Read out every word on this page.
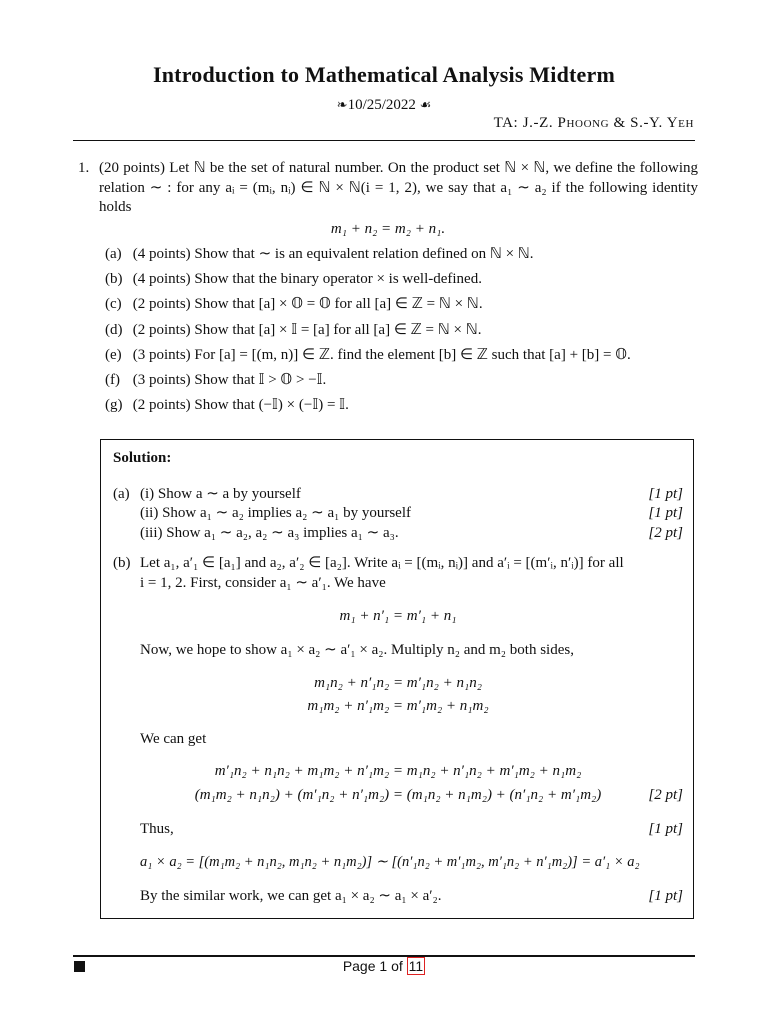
Introduction to Mathematical Analysis Midterm
❧10/25/2022 ☙
TA: J.-Z. Phoong & S.-Y. Yeh
1. (20 points) Let ℕ be the set of natural number. On the product set ℕ × ℕ, we define the following relation ∼ : for any aᵢ = (mᵢ, nᵢ) ∈ ℕ × ℕ(i = 1, 2), we say that a₁ ∼ a₂ if the following identity holds
m₁ + n₂ = m₂ + n₁.
(a) (4 points) Show that ∼ is an equivalent relation defined on ℕ × ℕ.
(b) (4 points) Show that the binary operator × is well-defined.
(c) (2 points) Show that [a] × 𝕆 = 𝕆 for all [a] ∈ ℤ = ℕ × ℕ.
(d) (2 points) Show that [a] × 𝕀 = [a] for all [a] ∈ ℤ = ℕ × ℕ.
(e) (3 points) For [a] = [(m, n)] ∈ ℤ. find the element [b] ∈ ℤ such that [a] + [b] = 𝕆.
(f) (3 points) Show that 𝕀 > 𝕆 > −𝕀.
(g) (2 points) Show that (−𝕀) × (−𝕀) = 𝕀.
Solution:
(a) (i) Show a ∼ a by yourself	[1 pt]
(ii) Show a₁ ∼ a₂ implies a₂ ∼ a₁ by yourself	[1 pt]
(iii) Show a₁ ∼ a₂, a₂ ∼ a₃ implies a₁ ∼ a₃.	[2 pt]
(b) Let a₁, a′₁ ∈ [a₁] and a₂, a′₂ ∈ [a₂]. Write aᵢ = [(mᵢ, nᵢ)] and a′ᵢ = [(m′ᵢ, n′ᵢ)] for all
i = 1, 2. First, consider a₁ ∼ a′₁. We have
m₁ + n′₁ = m′₁ + n₁
Now, we hope to show a₁ × a₂ ∼ a′₁ × a₂. Multiply n₂ and m₂ both sides,
m₁n₂ + n′₁n₂ = m′₁n₂ + n₁n₂
m₁m₂ + n′₁m₂ = m′₁m₂ + n₁m₂
We can get
m′₁n₂ + n₁n₂ + m₁m₂ + n′₁m₂ = m₁n₂ + n′₁n₂ + m′₁m₂ + n₁m₂
(m₁m₂ + n₁n₂) + (m′₁n₂ + n′₁m₂) = (m₁n₂ + n₁m₂) + (n′₁n₂ + m′₁m₂)	[2 pt]
Thus,	[1 pt]
a₁ × a₂ = [(m₁m₂ + n₁n₂, m₁n₂ + n₁m₂)] ∼ [(n′₁n₂ + m′₁m₂, m′₁n₂ + n′₁m₂)] = a′₁ × a₂
By the similar work, we can get a₁ × a₂ ∼ a₁ × a′₂.	[1 pt]
Page 1 of 11
